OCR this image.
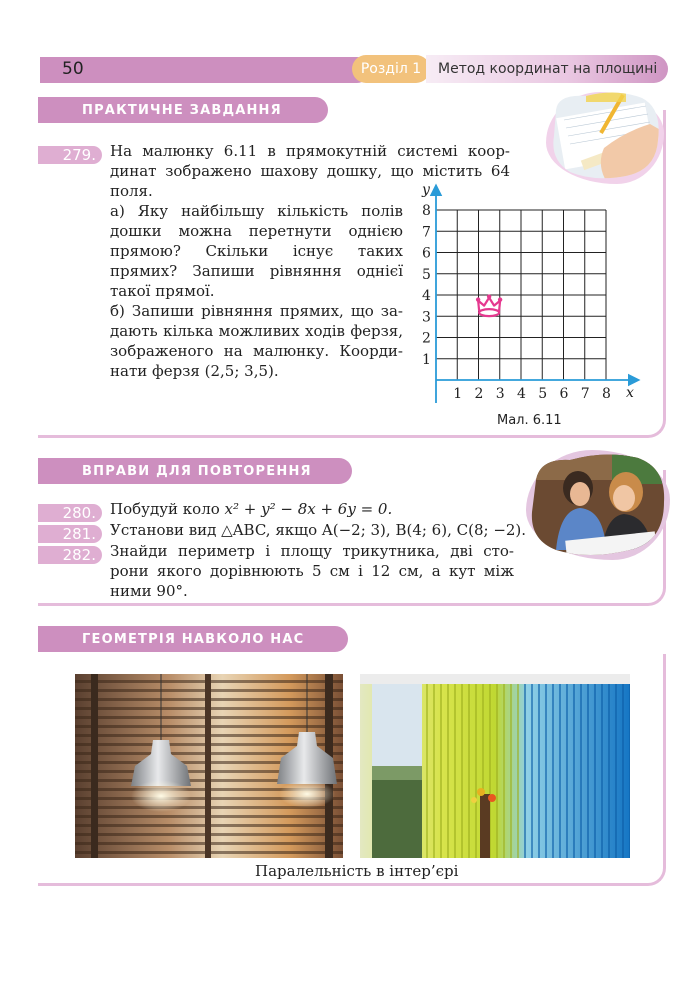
50	Розділ 1	Метод координат на площині
ПРАКТИЧНЕ ЗАВДАННЯ
279. На малюнку 6.11 в прямокутній системі коор-
динат зображено шахову дошку, що містить 64
поля.
а) Яку найбільшу кількість полів
дошки можна перетнути однією
прямою? Скільки існує таких
прямих? Запиши рівняння однієї
такої прямої.
б) Запиши рівняння прямих, що за-
дають кілька можливих ходів ферзя,
зображеного на малюнку. Коорди-
нати ферзя (2,5; 3,5).
1 2 3 4 5 6 7 8
1
2
3
4
5
6
7
8
x
y
Мал. 6.11
ВПРАВИ ДЛЯ ПОВТОРЕННЯ
280. Побудуй коло x² + y² − 8x + 6y = 0.
281. Установи вид △ABC, якщо A(−2; 3), B(4; 6), C(8; −2).
282. Знайди периметр і площу трикутника, дві сто-
рони якого дорівнюють 5 см і 12 см, а кут між
ними 90°.
ГЕОМЕТРІЯ НАВКОЛО НАС
Паралельність в інтер’єрі
